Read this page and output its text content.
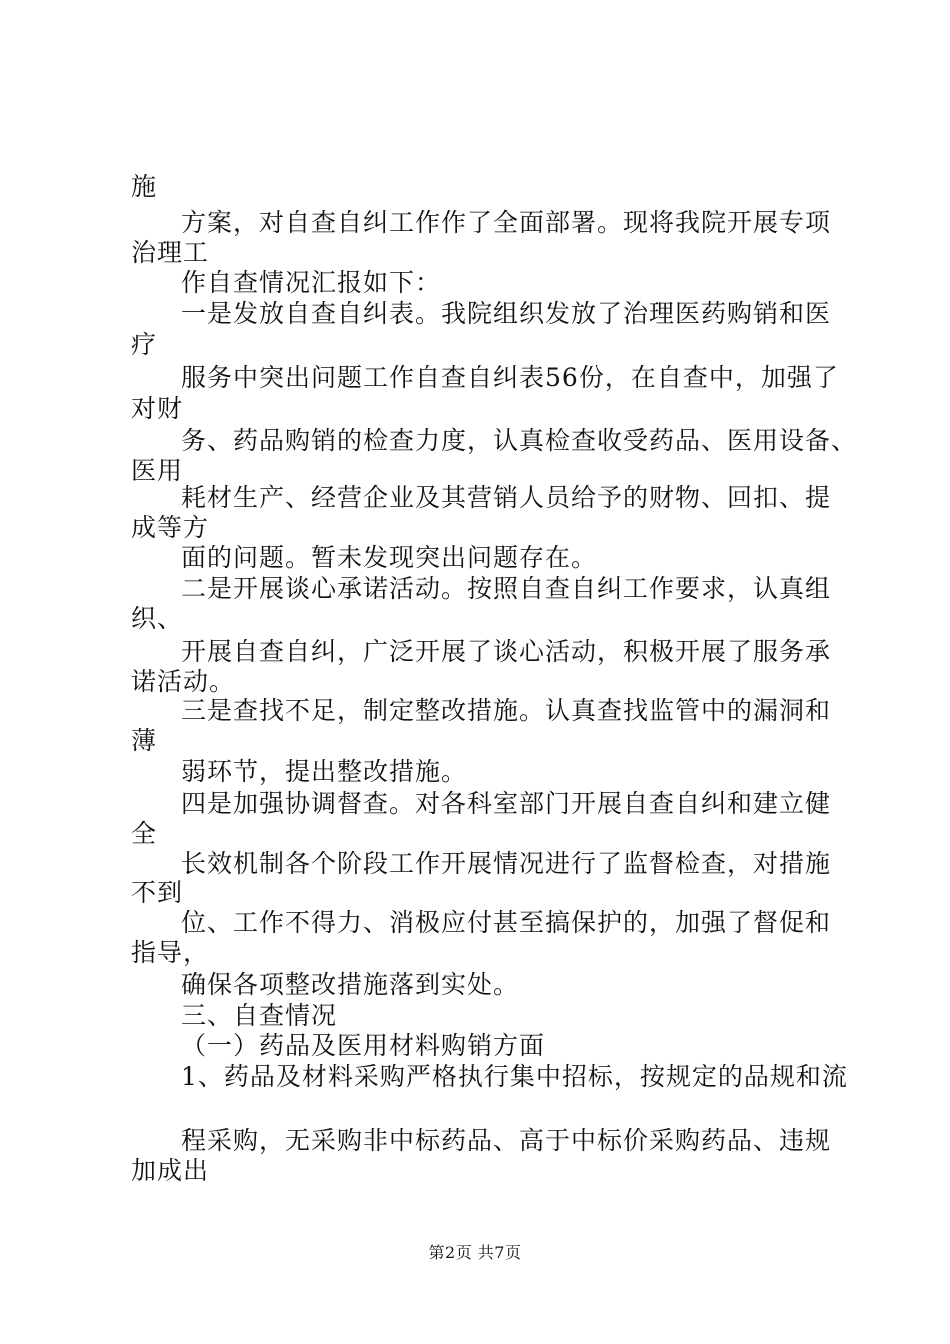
施
方案，对自查自纠工作作了全面部署。现将我院开展专项
治理工
作自查情况汇报如下：
一是发放自查自纠表。我院组织发放了治理医药购销和医
疗
服务中突出问题工作自查自纠表56份，在自查中，加强了
对财
务、药品购销的检查力度，认真检查收受药品、医用设备、
医用
耗材生产、经营企业及其营销人员给予的财物、回扣、提
成等方
面的问题。暂未发现突出问题存在。
二是开展谈心承诺活动。按照自查自纠工作要求，认真组
织、
开展自查自纠，广泛开展了谈心活动，积极开展了服务承
诺活动。
三是查找不足，制定整改措施。认真查找监管中的漏洞和
薄
弱环节，提出整改措施。
四是加强协调督查。对各科室部门开展自查自纠和建立健
全
长效机制各个阶段工作开展情况进行了监督检查，对措施
不到
位、工作不得力、消极应付甚至搞保护的，加强了督促和
指导，
确保各项整改措施落到实处。
三、自查情况
（一）药品及医用材料购销方面
1、药品及材料采购严格执行集中招标，按规定的品规和流
程采购，无采购非中标药品、高于中标价采购药品、违规
加成出
第2页 共7页
